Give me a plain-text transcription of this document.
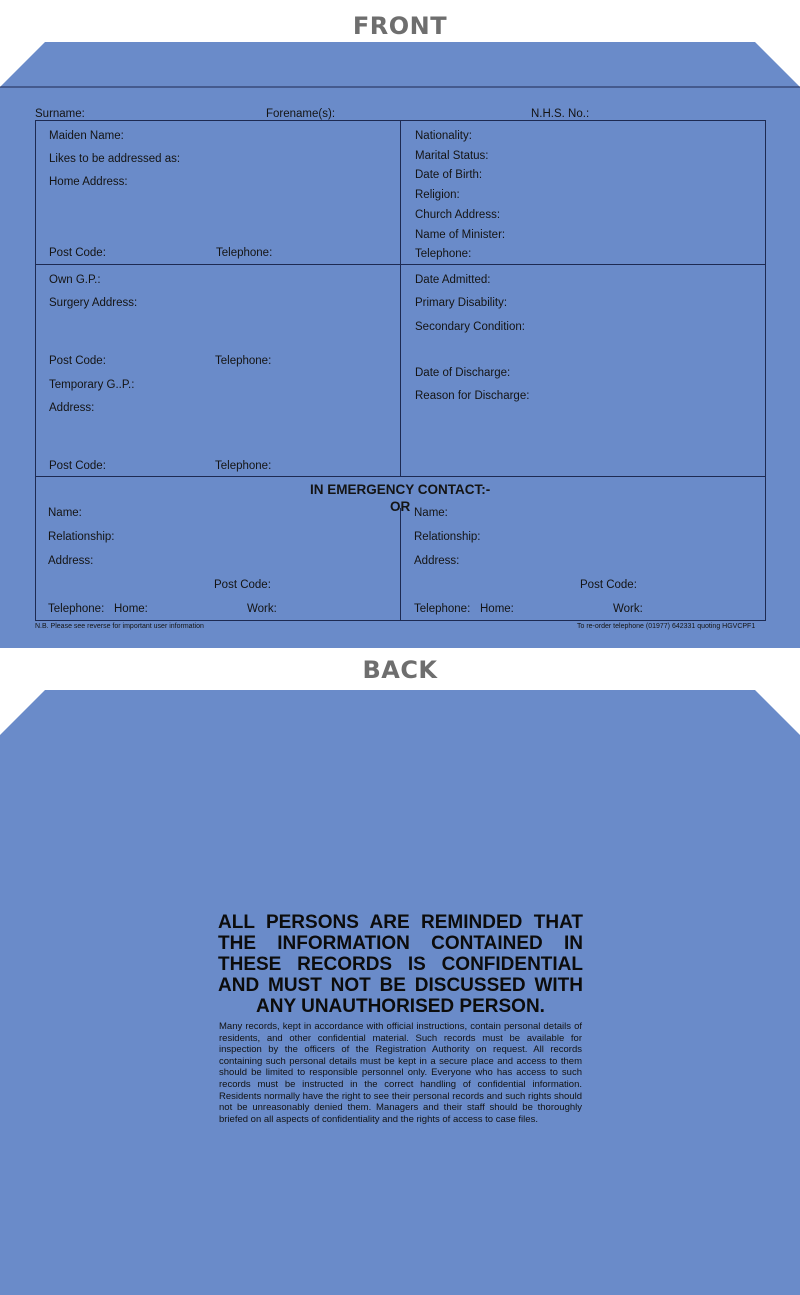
FRONT
Surname:	Forename(s):	N.H.S. No.:
Maiden Name:
Likes to be addressed as:
Home Address:
Post Code:	Telephone:
Nationality:
Marital Status:
Date of Birth:
Religion:
Church Address:
Name of Minister:
Telephone:
Own G.P.:
Surgery Address:
Post Code:	Telephone:
Temporary G..P.:
Address:
Post Code:	Telephone:
Date Admitted:
Primary Disability:
Secondary Condition:
Date of Discharge:
Reason for Discharge:
IN EMERGENCY CONTACT:-
OR
Name:
Relationship:
Address:
Post Code:
Telephone: Home:	Work:
Name:
Relationship:
Address:
Post Code:
Telephone: Home:	Work:
N.B. Please see reverse for important user information	To re-order telephone (01977) 642331 quoting HGVCPF1
BACK
ALL PERSONS ARE REMINDED THAT THE INFORMATION CONTAINED IN THESE RECORDS IS CONFIDENTIAL AND MUST NOT BE DISCUSSED WITH ANY UNAUTHORISED PERSON.
Many records, kept in accordance with official instructions, contain personal details of residents, and other confidential material. Such records must be available for inspection by the officers of the Registration Authority on request. All records containing such personal details must be kept in a secure place and access to them should be limited to responsible personnel only. Everyone who has access to such records must be instructed in the correct handling of confidential information. Residents normally have the right to see their personal records and such rights should not be unreasonably denied them. Managers and their staff should be thoroughly briefed on all aspects of confidentiality and the rights of access to case files.
